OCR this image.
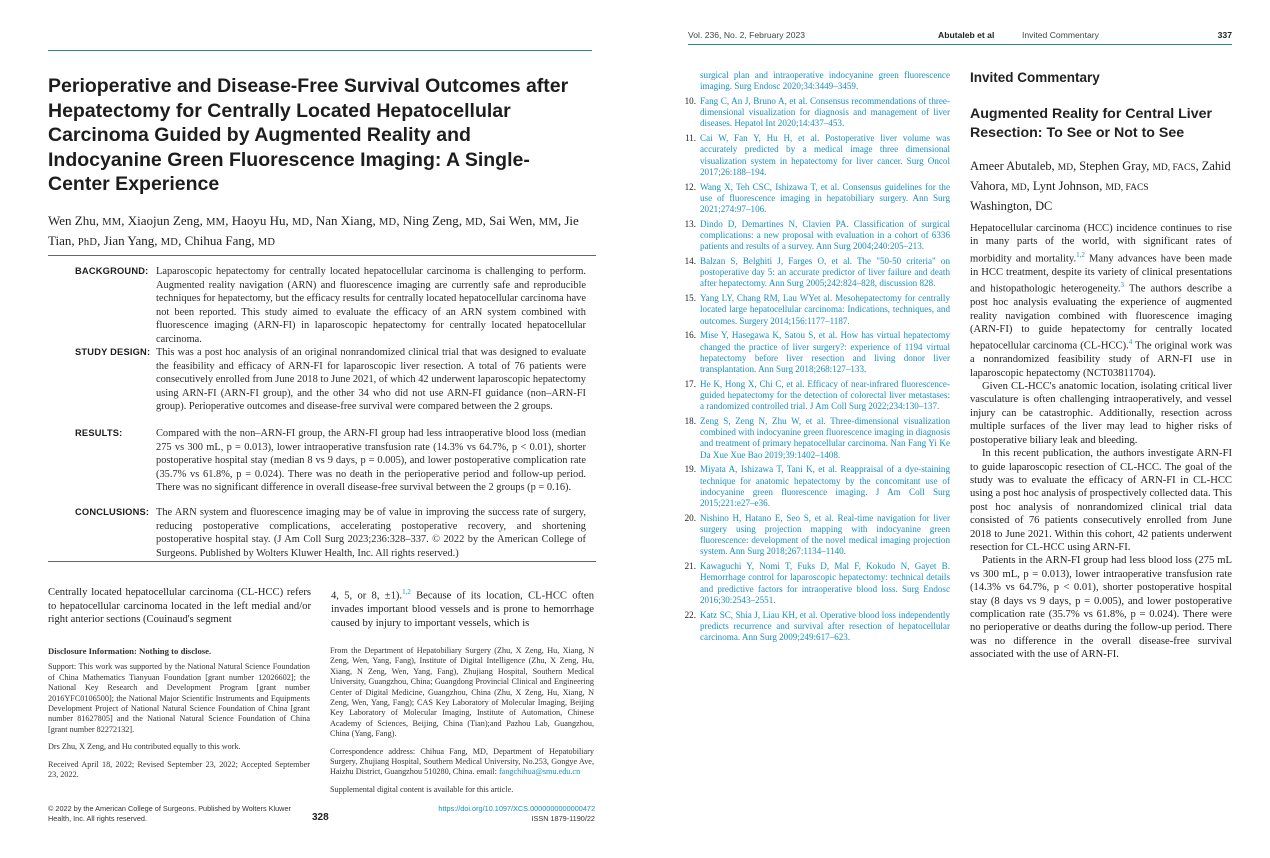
Perioperative and Disease-Free Survival Outcomes after Hepatectomy for Centrally Located Hepatocellular Carcinoma Guided by Augmented Reality and Indocyanine Green Fluorescence Imaging: A Single-Center Experience
Wen Zhu, MM, Xiaojun Zeng, MM, Haoyu Hu, MD, Nan Xiang, MD, Ning Zeng, MD, Sai Wen, MM, Jie Tian, PhD, Jian Yang, MD, Chihua Fang, MD
BACKGROUND: Laparoscopic hepatectomy for centrally located hepatocellular carcinoma is challenging to perform. Augmented reality navigation (ARN) and fluorescence imaging are currently safe and reproducible techniques for hepatectomy, but the efficacy results for centrally located hepatocellular carcinoma have not been reported. This study aimed to evaluate the efficacy of an ARN system combined with fluorescence imaging (ARN-FI) in laparoscopic hepatectomy for centrally located hepatocellular carcinoma.
STUDY DESIGN: This was a post hoc analysis of an original nonrandomized clinical trial that was designed to evaluate the feasibility and efficacy of ARN-FI for laparoscopic liver resection. A total of 76 patients were consecutively enrolled from June 2018 to June 2021, of which 42 underwent laparoscopic hepatectomy using ARN-FI (ARN-FI group), and the other 34 who did not use ARN-FI guidance (non–ARN-FI group). Perioperative outcomes and disease-free survival were compared between the 2 groups.
RESULTS:	Compared with the non–ARN-FI group, the ARN-FI group had less intraoperative blood loss (median 275 vs 300 mL, p = 0.013), lower intraoperative transfusion rate (14.3% vs 64.7%, p < 0.01), shorter postoperative hospital stay (median 8 vs 9 days, p = 0.005), and lower postoperative complication rate (35.7% vs 61.8%, p = 0.024). There was no death in the perioperative period and follow-up period. There was no significant difference in overall disease-free survival between the 2 groups (p = 0.16).
CONCLUSIONS: The ARN system and fluorescence imaging may be of value in improving the success rate of surgery, reducing postoperative complications, accelerating postoperative recovery, and shortening postoperative hospital stay. (J Am Coll Surg 2023;236:328–337. © 2022 by the American College of Surgeons. Published by Wolters Kluwer Health, Inc. All rights reserved.)
Centrally located hepatocellular carcinoma (CL-HCC) refers to hepatocellular carcinoma located in the left medial and/or right anterior sections (Couinaud's segment
4, 5, or 8, ±1).$^{1,2}$ Because of its location, CL-HCC often invades important blood vessels and is prone to hemorrhage caused by injury to important vessels, which is
Disclosure Information: Nothing to disclose.
Support: This work was supported by the National Natural Science Foundation of China Mathematics Tianyuan Foundation [grant number 12026602]; the National Key Research and Development Program [grant number 2016YFC0106500]; the National Major Scientific Instruments and Equipments Development Project of National Natural Science Foundation of China [grant number 81627805] and the National Natural Science Foundation of China [grant number 82272132].
Drs Zhu, X Zeng, and Hu contributed equally to this work.
Received April 18, 2022; Revised September 23, 2022; Accepted September 23, 2022.
From the Department of Hepatobiliary Surgery (Zhu, X Zeng, Hu, Xiang, N Zeng, Wen, Yang, Fang), Institute of Digital Intelligence (Zhu, X Zeng, Hu, Xiang, N Zeng, Wen, Yang, Fang), Zhujiang Hospital, Southern Medical University, Guangzhou, China; Guangdong Provincial Clinical and Engineering Center of Digital Medicine, Guangzhou, China (Zhu, X Zeng, Hu, Xiang, N Zeng, Wen, Yang, Fang); CAS Key Laboratory of Molecular Imaging, Beijing Key Laboratory of Molecular Imaging, Institute of Automation, Chinese Academy of Sciences, Beijing, China (Tian);and Pazhou Lab, Guangzhou, China (Yang, Fang).
Correspondence address: Chihua Fang, MD, Department of Hepatobiliary Surgery, Zhujiang Hospital, Southern Medical University, No.253, Gongye Ave, Haizhu District, Guangzhou 510280, China. email: fangchihua@smu.edu.cn
Supplemental digital content is available for this article.
© 2022 by the American College of Surgeons. Published by Wolters Kluwer Health, Inc. All rights reserved.	328
https://doi.org/10.1097/XCS.0000000000000472
ISSN 1879-1190/22
Vol. 236, No. 2, February 2023	Abutaleb et al	Invited Commentary	337
surgical plan and intraoperative indocyanine green fluorescence imaging. Surg Endosc 2020;34:3449–3459.
10. Fang C, An J, Bruno A, et al. Consensus recommendations of three-dimensional visualization for diagnosis and management of liver diseases. Hepatol Int 2020;14:437–453.
11. Cai W, Fan Y, Hu H, et al. Postoperative liver volume was accurately predicted by a medical image three dimensional visualization system in hepatectomy for liver cancer. Surg Oncol 2017;26:188–194.
12. Wang X, Teh CSC, Ishizawa T, et al. Consensus guidelines for the use of fluorescence imaging in hepatobiliary surgery. Ann Surg 2021;274:97–106.
13. Dindo D, Demartines N, Clavien PA. Classification of surgical complications: a new proposal with evaluation in a cohort of 6336 patients and results of a survey. Ann Surg 2004;240:205–213.
14. Balzan S, Belghiti J, Farges O, et al. The "50-50 criteria" on postoperative day 5: an accurate predictor of liver failure and death after hepatectomy. Ann Surg 2005;242:824–828, discussion 828.
15. Yang LY, Chang RM, Lau WYet al. Mesohepatectomy for centrally located large hepatocellular carcinoma: Indications, techniques, and outcomes. Surgery 2014;156:1177–1187.
16. Mise Y, Hasegawa K, Satou S, et al. How has virtual hepatectomy changed the practice of liver surgery?: experience of 1194 virtual hepatectomy before liver resection and living donor liver transplantation. Ann Surg 2018;268:127–133.
17. He K, Hong X, Chi C, et al. Efficacy of near-infrared fluorescence-guided hepatectomy for the detection of colorectal liver metastases: a randomized controlled trial. J Am Coll Surg 2022;234:130–137.
18. Zeng S, Zeng N, Zhu W, et al. Three-dimensional visualization combined with indocyanine green fluorescence imaging in diagnosis and treatment of primary hepatocellular carcinoma. Nan Fang Yi Ke Da Xue Xue Bao 2019;39:1402–1408.
19. Miyata A, Ishizawa T, Tani K, et al. Reappraisal of a dye-staining technique for anatomic hepatectomy by the concomitant use of indocyanine green fluorescence imaging. J Am Coll Surg 2015;221:e27–e36.
20. Nishino H, Hatano E, Seo S, et al. Real-time navigation for liver surgery using projection mapping with indocyanine green fluorescence: development of the novel medical imaging projection system. Ann Surg 2018;267:1134–1140.
21. Kawaguchi Y, Nomi T, Fuks D, Mal F, Kokudo N, Gayet B. Hemorrhage control for laparoscopic hepatectomy: technical details and predictive factors for intraoperative blood loss. Surg Endosc 2016;30:2543–2551.
22. Katz SC, Shia J, Liau KH, et al. Operative blood loss independently predicts recurrence and survival after resection of hepatocellular carcinoma. Ann Surg 2009;249:617–623.
Invited Commentary
Augmented Reality for Central Liver Resection: To See or Not to See
Ameer Abutaleb, MD, Stephen Gray, MD, FACS, Zahid Vahora, MD, Lynt Johnson, MD, FACS
Washington, DC

Hepatocellular carcinoma (HCC) incidence continues to rise in many parts of the world, with significant rates of morbidity and mortality.$^{1,2}$ Many advances have been made in HCC treatment, despite its variety of clinical presentations and histopathologic heterogeneity.$^3$ The authors describe a post hoc analysis evaluating the experience of augmented reality navigation combined with fluorescence imaging (ARN-FI) to guide hepatectomy for centrally located hepatocellular carcinoma (CL-HCC).$^4$ The original work was a nonrandomized feasibility study of ARN-FI use in laparoscopic hepatectomy (NCT03811704).

Given CL-HCC's anatomic location, isolating critical liver vasculature is often challenging intraoperatively, and vessel injury can be catastrophic. Additionally, resection across multiple surfaces of the liver may lead to higher risks of postoperative biliary leak and bleeding.

In this recent publication, the authors investigate ARN-FI to guide laparoscopic resection of CL-HCC. The goal of the study was to evaluate the efficacy of ARN-FI in CL-HCC using a post hoc analysis of prospectively collected data. This post hoc analysis of nonrandomized clinical trial data consisted of 76 patients consecutively enrolled from June 2018 to June 2021. Within this cohort, 42 patients underwent resection for CL-HCC using ARN-FI.

Patients in the ARN-FI group had less blood loss (275 mL vs 300 mL, p = 0.013), lower intraoperative transfusion rate (14.3% vs 64.7%, p < 0.01), shorter postoperative hospital stay (8 days vs 9 days, p = 0.005), and lower postoperative complication rate (35.7% vs 61.8%, p = 0.024). There were no perioperative or deaths during the follow-up period. There was no difference in the overall disease-free survival associated with the use of ARN-FI.
